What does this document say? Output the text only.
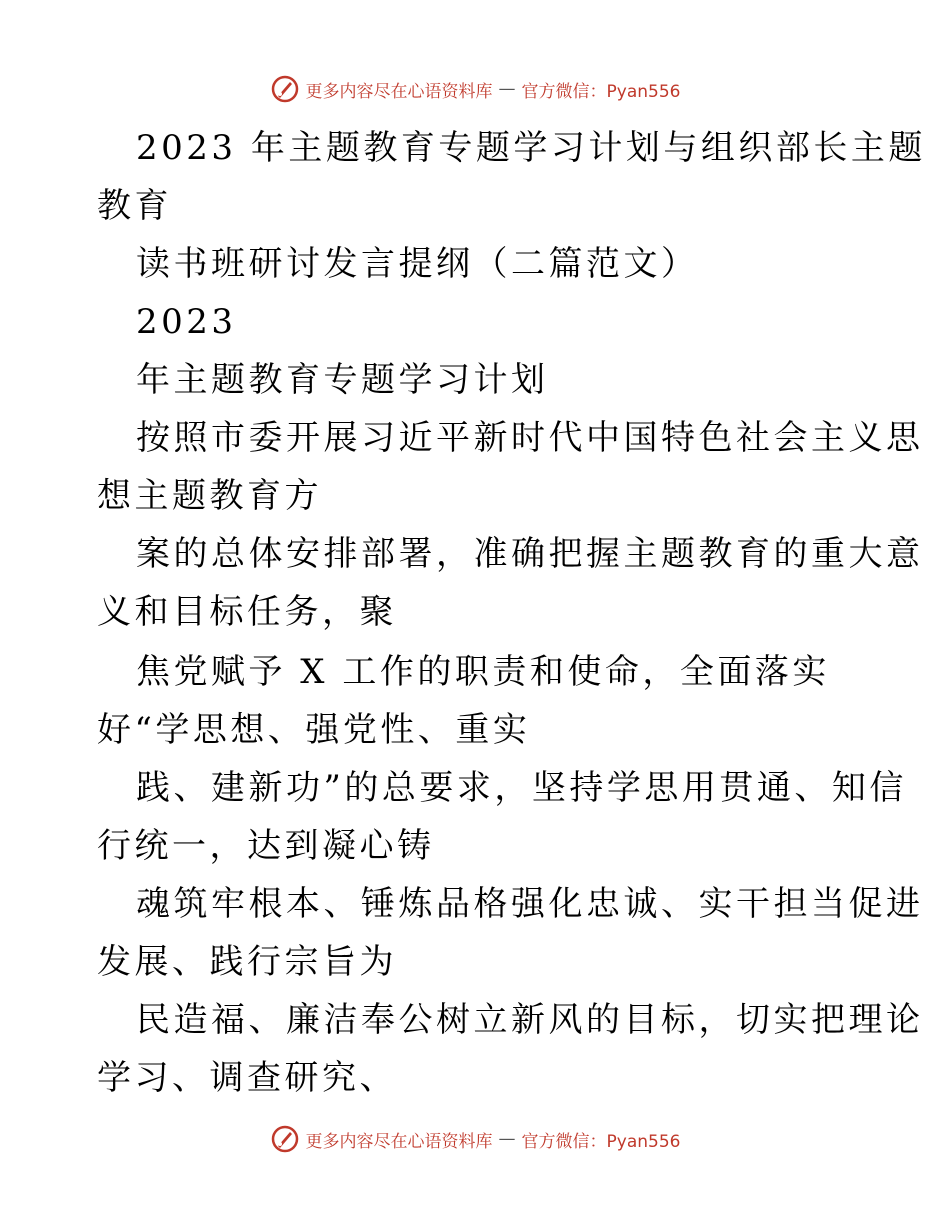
更多内容尽在心语资料库 — 官方微信：Pyan556
2023 年主题教育专题学习计划与组织部长主题
教育
读书班研讨发言提纲（二篇范文）
2023
年主题教育专题学习计划
按照市委开展习近平新时代中国特色社会主义思
想主题教育方
案的总体安排部署，准确把握主题教育的重大意
义和目标任务，聚
焦党赋予 X 工作的职责和使命，全面落实
好“学思想、强党性、重实
践、建新功”的总要求，坚持学思用贯通、知信
行统一，达到凝心铸
魂筑牢根本、锤炼品格强化忠诚、实干担当促进
发展、践行宗旨为
民造福、廉洁奉公树立新风的目标，切实把理论
学习、调查研究、
更多内容尽在心语资料库 — 官方微信：Pyan556
